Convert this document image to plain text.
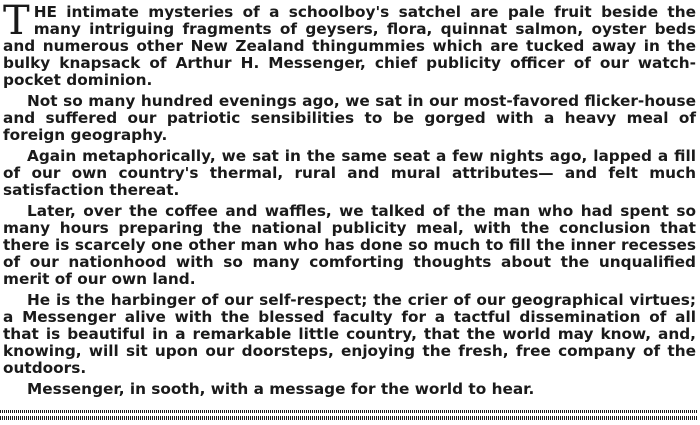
THE intimate mysteries of a schoolboy's satchel are pale fruit beside the many intriguing fragments of geysers, flora, quinnat salmon, oyster beds and numerous other New Zealand thingummies which are tucked away in the bulky knapsack of Arthur H. Messenger, chief publicity officer of our watch-pocket dominion.

Not so many hundred evenings ago, we sat in our most-favored flicker-house and suffered our patriotic sensibilities to be gorged with a heavy meal of foreign geography.

Again metaphorically, we sat in the same seat a few nights ago, lapped a fill of our own country's thermal, rural and mural attributes— and felt much satisfaction thereat.

Later, over the coffee and waffles, we talked of the man who had spent so many hours preparing the national publicity meal, with the conclusion that there is scarcely one other man who has done so much to fill the inner recesses of our nationhood with so many comforting thoughts about the unqualified merit of our own land.

He is the harbinger of our self-respect; the crier of our geographical virtues; a Messenger alive with the blessed faculty for a tactful dissemination of all that is beautiful in a remarkable little country, that the world may know, and, knowing, will sit upon our doorsteps, enjoying the fresh, free company of the outdoors.

Messenger, in sooth, with a message for the world to hear.
